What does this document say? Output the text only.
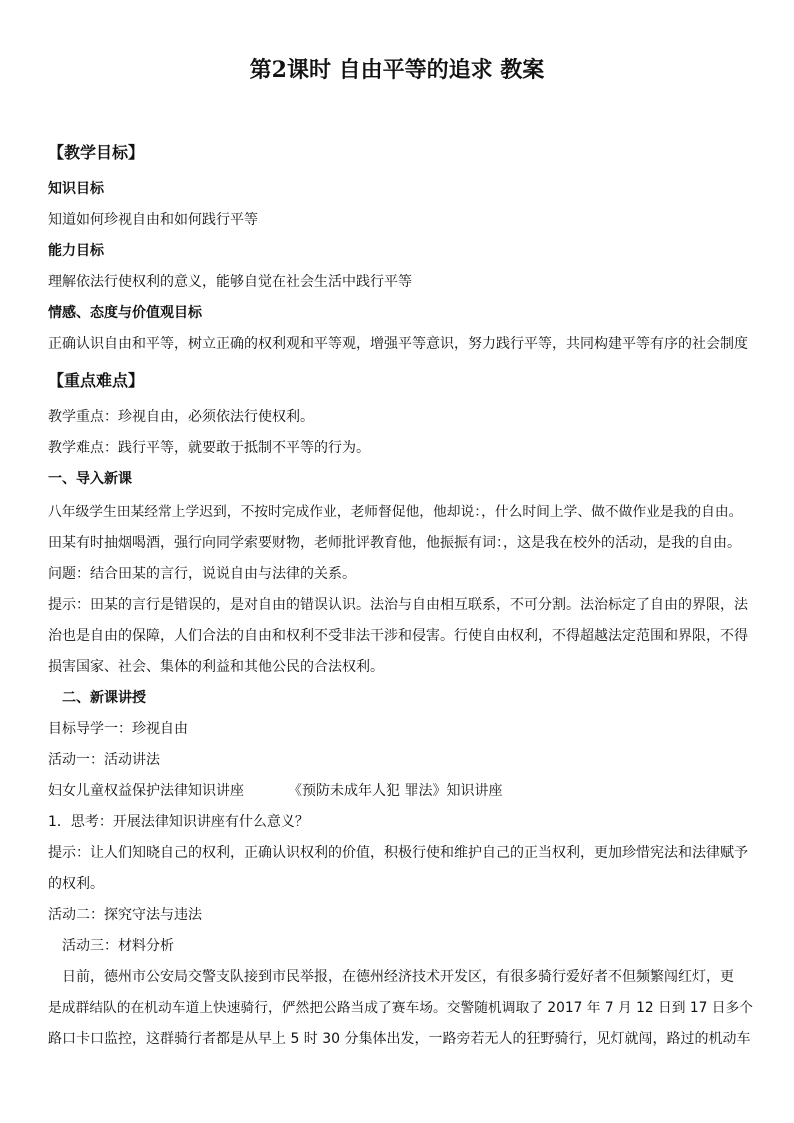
第2课时 自由平等的追求 教案
【教学目标】
知识目标
知道如何珍视自由和如何践行平等
能力目标
理解依法行使权利的意义，能够自觉在社会生活中践行平等
情感、态度与价值观目标
正确认识自由和平等，树立正确的权利观和平等观，增强平等意识，努力践行平等，共同构建平等有序的社会制度
【重点难点】
教学重点：珍视自由，必须依法行使权利。
教学难点：践行平等，就要敢于抵制不平等的行为。
一、导入新课
八年级学生田某经常上学迟到，不按时完成作业，老师督促他，他却说：，什么时间上学、做不做作业是我的自由。
田某有时抽烟喝酒，强行向同学索要财物，老师批评教育他，他振振有词：，这是我在校外的活动，是我的自由。
问题：结合田某的言行，说说自由与法律的关系。
提示：田某的言行是错误的，是对自由的错误认识。法治与自由相互联系，不可分割。法治标定了自由的界限，法
治也是自由的保障，人们合法的自由和权利不受非法干涉和侵害。行使自由权利，不得超越法定范围和界限，不得
损害国家、社会、集体的利益和其他公民的合法权利。
二、新课讲授
目标导学一：珍视自由
活动一：活动讲法
妇女儿童权益保护法律知识讲座	《预防未成年人犯 罪法》知识讲座
1．思考：开展法律知识讲座有什么意义？
提示：让人们知晓自己的权利，正确认识权利的价值，积极行使和维护自己的正当权利，更加珍惜宪法和法律赋予
的权利。
活动二：探究守法与违法
活动三：材料分析
日前，德州市公安局交警支队接到市民举报，在德州经济技术开发区，有很多骑行爱好者不但频繁闯红灯，更
是成群结队的在机动车道上快速骑行，俨然把公路当成了赛车场。交警随机调取了 2017 年 7 月 12 日到 17 日多个
路口卡口监控，这群骑行者都是从早上 5 时 30 分集体出发，一路旁若无人的狂野骑行，见灯就闯，路过的机动车
